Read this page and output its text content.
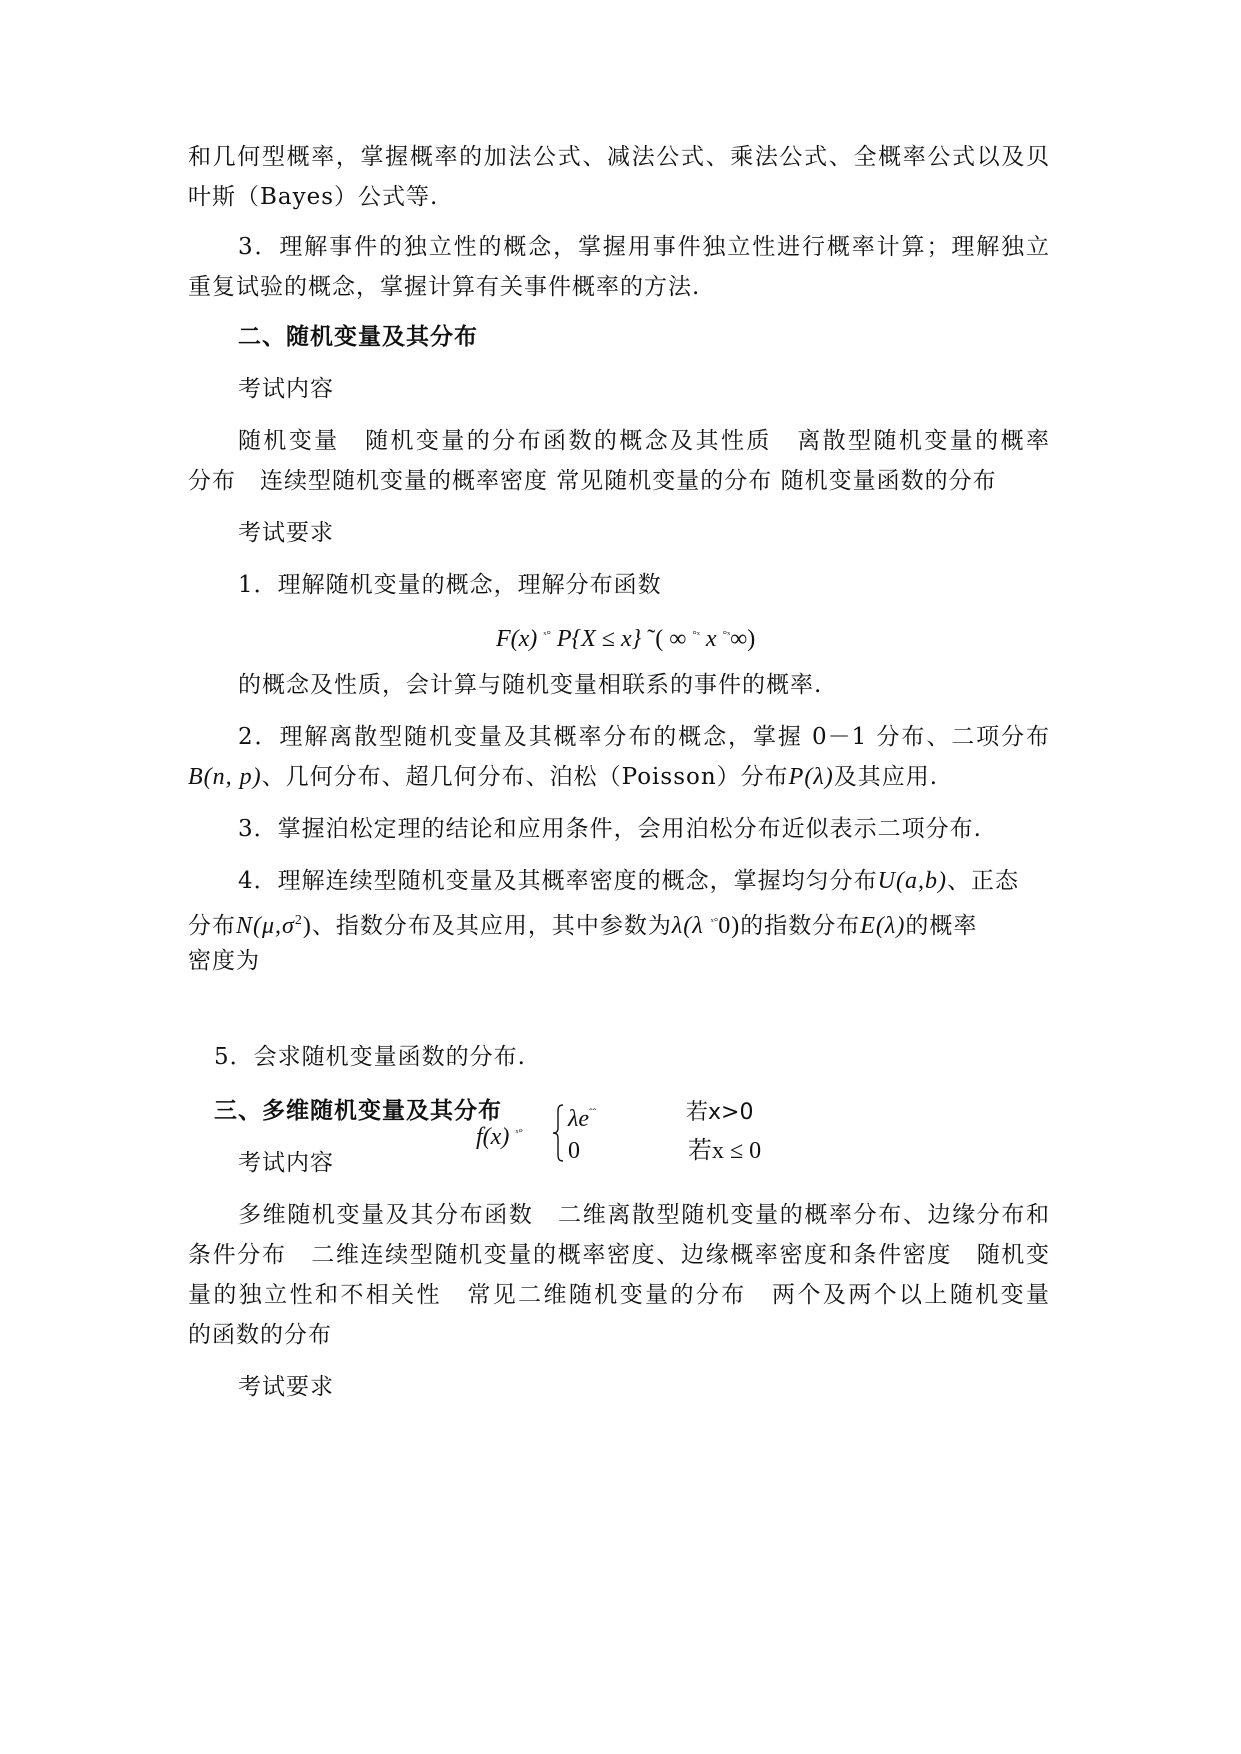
和几何型概率，掌握概率的加法公式、减法公式、乘法公式、全概率公式以及贝
叶斯（Bayes）公式等.
3．理解事件的独立性的概念，掌握用事件独立性进行概率计算；理解独立
重复试验的概念，掌握计算有关事件概率的方法.
二、随机变量及其分布
考试内容
随机变量　随机变量的分布函数的概念及其性质　离散型随机变量的概率
分布　连续型随机变量的概率密度 常见随机变量的分布 随机变量函数的分布
考试要求
1．理解随机变量的概念，理解分布函数
F(x) $^{ˣ^\circ}$ P{X ≤ x} ˜( ∞ $^{^\circ ˣ}$ x $^{^\circ ˣ}$∞)
的概念及性质，会计算与随机变量相联系的事件的概率.
2．理解离散型随机变量及其概率分布的概念，掌握 0－1 分布、二项分布
B(n, p)、几何分布、超几何分布、泊松（Poisson）分布P(λ)及其应用.
3．掌握泊松定理的结论和应用条件，会用泊松分布近似表示二项分布.
4．理解连续型随机变量及其概率密度的概念，掌握均匀分布U(a,b)、正态
分布$N(\mu,\sigma^2)$、指数分布及其应用，其中参数为λ(λ $^{ˣ^\circ}$0)的指数分布E(λ)的概率
密度为
f(x) $^{ˣ^\circ}$
$\lambda e^{ˆˆ}$	若x>0
0	若x ≤ 0
5．会求随机变量函数的分布.
三、多维随机变量及其分布
考试内容
多维随机变量及其分布函数　二维离散型随机变量的概率分布、边缘分布和
条件分布　二维连续型随机变量的概率密度、边缘概率密度和条件密度　随机变
量的独立性和不相关性　常见二维随机变量的分布　两个及两个以上随机变量
的函数的分布
考试要求
